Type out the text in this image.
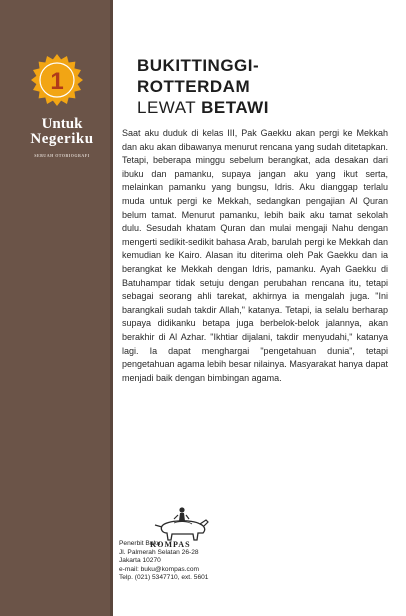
1
Untuk
Negeriku
SEBUAH OTOBIOGRAFI
BUKITTINGGI-
ROTTERDAM
LEWAT BETAWI
Saat aku duduk di kelas III, Pak Gaekku akan pergi ke Mekkah dan aku akan dibawanya menurut rencana yang sudah ditetapkan. Tetapi, beberapa minggu sebelum berangkat, ada desakan dari ibuku dan pamanku, supaya jangan aku yang ikut serta, melainkan pamanku yang bungsu, Idris. Aku dianggap terlalu muda untuk pergi ke Mekkah, sedangkan pengajian Al Quran belum tamat. Menurut pamanku, lebih baik aku tamat sekolah dulu. Sesudah khatam Quran dan mulai mengaji Nahu dengan mengerti sedikit-sedikit bahasa Arab, barulah pergi ke Mekkah dan kemudian ke Kairo. Alasan itu diterima oleh Pak Gaekku dan ia berangkat ke Mekkah dengan Idris, pamanku. Ayah Gaekku di Batuhampar tidak setuju dengan perubahan rencana itu, tetapi sebagai seorang ahli tarekat, akhirnya ia mengalah juga. "Ini barangkali sudah takdir Allah," katanya. Tetapi, ia selalu berharap supaya didikanku betapa juga berbelok-belok jalannya, akan berakhir di Al Azhar. "Ikhtiar dijalani, takdir menyudahi," katanya lagi. Ia dapat menghargai "pengetahuan dunia", tetapi pengetahuan agama lebih besar nilainya. Masyarakat hanya dapat menjadi baik dengan bimbingan agama.
KOMPAS
Penerbit Buku
Jl. Palmerah Selatan 26-28
Jakarta 10270
e-mail: buku@kompas.com
Telp. (021) 5347710, ext. 5601
